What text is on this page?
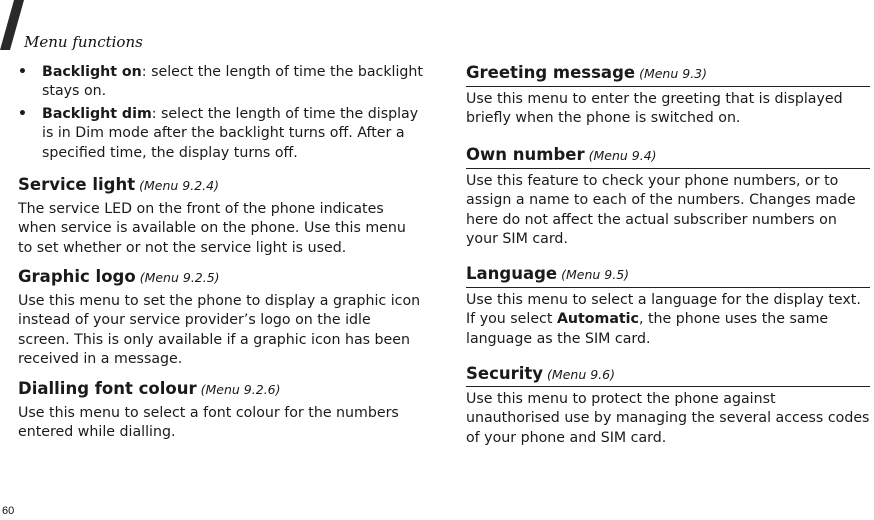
Menu functions
• Backlight on: select the length of time the backlight stays on.
• Backlight dim: select the length of time the display is in Dim mode after the backlight turns off. After a specified time, the display turns off.
Service light (Menu 9.2.4)

The service LED on the front of the phone indicates when service is available on the phone. Use this menu to set whether or not the service light is used.

Graphic logo (Menu 9.2.5)

Use this menu to set the phone to display a graphic icon instead of your service provider’s logo on the idle screen. This is only available if a graphic icon has been received in a message.

Dialling font colour (Menu 9.2.6)

Use this menu to select a font colour for the numbers entered while dialling.

Greeting message (Menu 9.3)

Use this menu to enter the greeting that is displayed briefly when the phone is switched on.

Own number (Menu 9.4)

Use this feature to check your phone numbers, or to assign a name to each of the numbers. Changes made here do not affect the actual subscriber numbers on your SIM card.

Language (Menu 9.5)

Use this menu to select a language for the display text. If you select Automatic, the phone uses the same language as the SIM card.

Security (Menu 9.6)

Use this menu to protect the phone against unauthorised use by managing the several access codes of your phone and SIM card.

60
